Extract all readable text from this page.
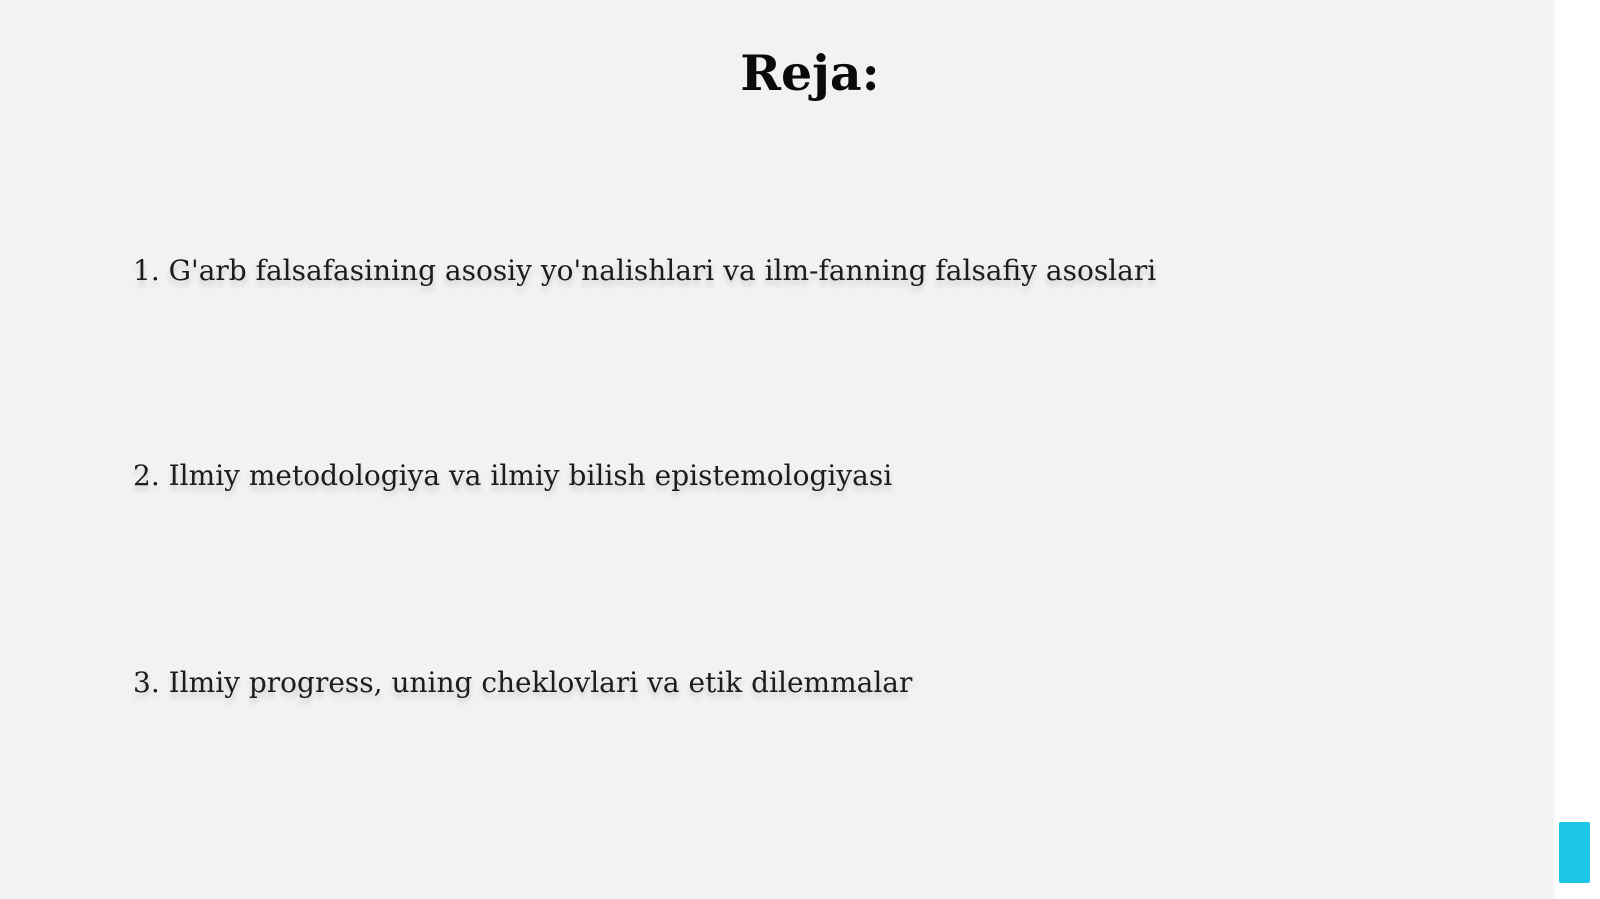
Reja:
1. G'arb falsafasining asosiy yo'nalishlari va ilm-fanning falsafiy asoslari
2. Ilmiy metodologiya va ilmiy bilish epistemologiyasi
3. Ilmiy progress, uning cheklovlari va etik dilemmalar
